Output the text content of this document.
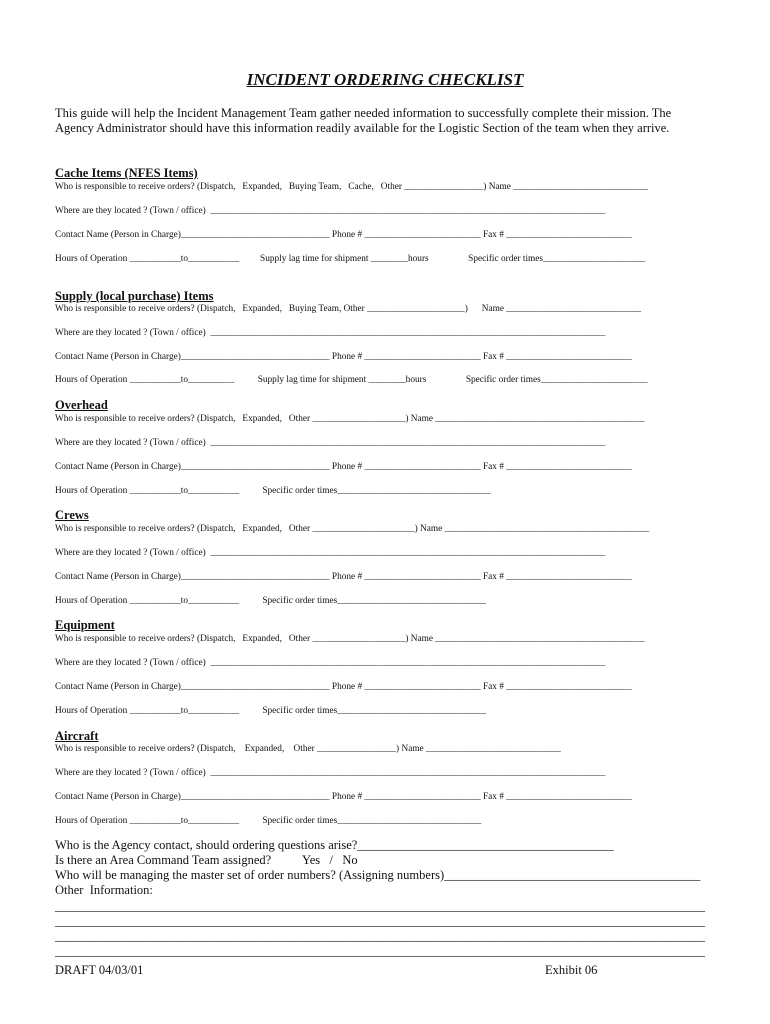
INCIDENT ORDERING CHECKLIST
This guide will help the Incident Management Team gather needed information to successfully complete their mission. The Agency Administrator should have this information readily available for the Logistic Section of the team when they arrive.
Cache Items (NFES Items)
Who is responsible to receive orders? (Dispatch,   Expanded,   Buying Team,   Cache,   Other _________________) Name _____________________________
Where are they located ? (Town / office)  _____________________________________________________________________________________
Contact Name (Person in Charge)________________________________ Phone # _________________________ Fax # ___________________________
Hours of Operation ___________to___________         Supply lag time for shipment ________hours                 Specific order times______________________
Supply (local purchase) Items
Who is responsible to receive orders? (Dispatch,   Expanded,   Buying Team, Other _____________________)      Name _____________________________
Where are they located ? (Town / office)  _____________________________________________________________________________________
Contact Name (Person in Charge)________________________________ Phone # _________________________ Fax # ___________________________
Hours of Operation ___________to__________          Supply lag time for shipment ________hours                 Specific order times_______________________
Overhead
Who is responsible to receive orders? (Dispatch,   Expanded,   Other ____________________) Name _____________________________________________
Where are they located ? (Town / office)  _____________________________________________________________________________________
Contact Name (Person in Charge)________________________________ Phone # _________________________ Fax # ___________________________
Hours of Operation ___________to___________          Specific order times_________________________________
Crews
Who is responsible to receive orders? (Dispatch,   Expanded,   Other ______________________) Name ____________________________________________
Where are they located ? (Town / office)  _____________________________________________________________________________________
Contact Name (Person in Charge)________________________________ Phone # _________________________ Fax # ___________________________
Hours of Operation ___________to___________          Specific order times________________________________
Equipment
Who is responsible to receive orders? (Dispatch,   Expanded,   Other ____________________) Name _____________________________________________
Where are they located ? (Town / office)  _____________________________________________________________________________________
Contact Name (Person in Charge)________________________________ Phone # _________________________ Fax # ___________________________
Hours of Operation ___________to___________          Specific order times________________________________
Aircraft
Who is responsible to receive orders? (Dispatch,    Expanded,    Other _________________) Name _____________________________
Where are they located ? (Town / office)  _____________________________________________________________________________________
Contact Name (Person in Charge)________________________________ Phone # _________________________ Fax # ___________________________
Hours of Operation ___________to___________          Specific order times_______________________________
Who is the Agency contact, should ordering questions arise?_________________________________________
Is there an Area Command Team assigned?          Yes   /   No
Who will be managing the master set of order numbers? (Assigning numbers)_________________________________________
Other  Information:
________________________________________________________________________________________________________
________________________________________________________________________________________________________
________________________________________________________________________________________________________
________________________________________________________________________________________________________
DRAFT 04/03/01	Exhibit 06
